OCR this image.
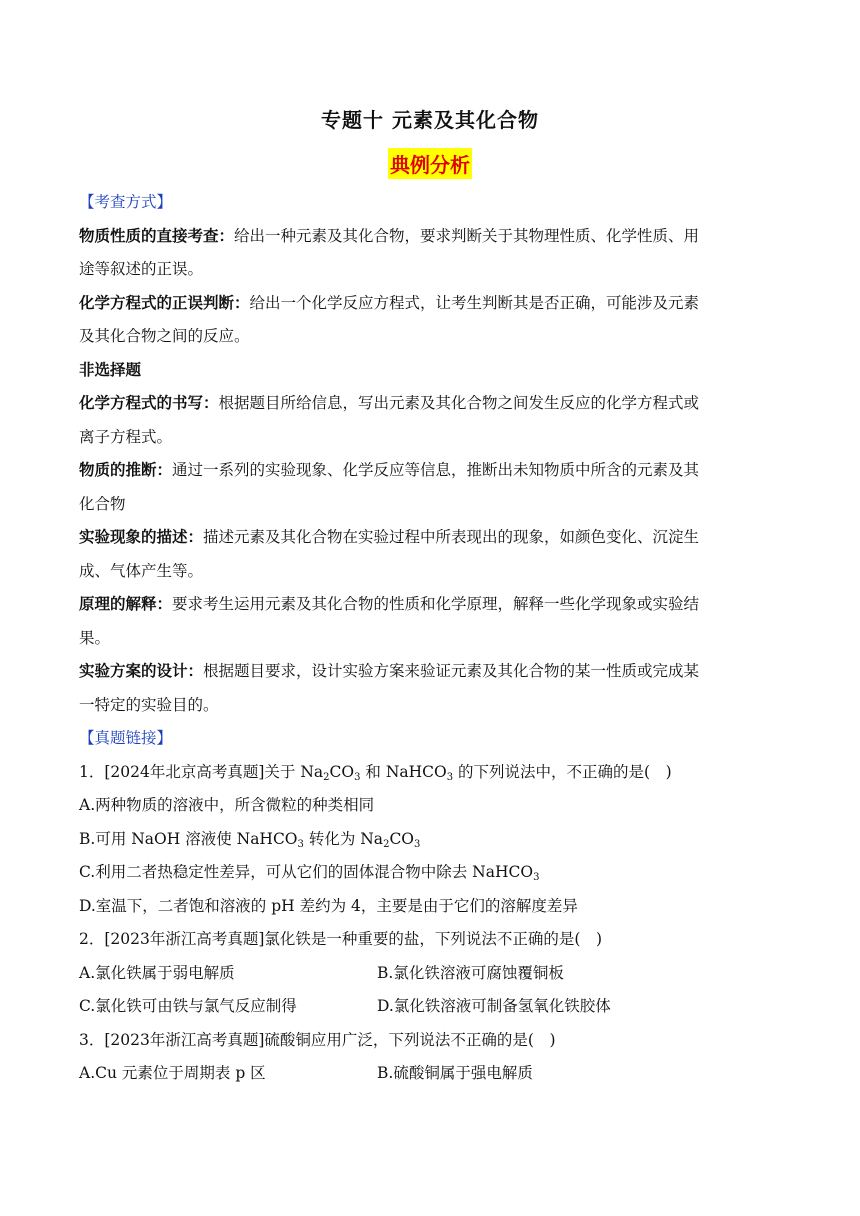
专题十 元素及其化合物
典例分析
【考查方式】
物质性质的直接考查：给出一种元素及其化合物，要求判断关于其物理性质、化学性质、用
途等叙述的正误。
化学方程式的正误判断：给出一个化学反应方程式，让考生判断其是否正确，可能涉及元素
及其化合物之间的反应。
非选择题
化学方程式的书写：根据题目所给信息，写出元素及其化合物之间发生反应的化学方程式或
离子方程式。
物质的推断：通过一系列的实验现象、化学反应等信息，推断出未知物质中所含的元素及其
化合物
实验现象的描述：描述元素及其化合物在实验过程中所表现出的现象，如颜色变化、沉淀生
成、气体产生等。
原理的解释：要求考生运用元素及其化合物的性质和化学原理，解释一些化学现象或实验结
果。
实验方案的设计：根据题目要求，设计实验方案来验证元素及其化合物的某一性质或完成某
一特定的实验目的。
【真题链接】
1．[2024年北京高考真题]关于 $Na_2CO_3$ 和 NaHCO$_3$ 的下列说法中，不正确的是(　)
A.两种物质的溶液中，所含微粒的种类相同
B.可用 NaOH 溶液使 NaHCO$_3$ 转化为 $Na_2CO_3$
C.利用二者热稳定性差异，可从它们的固体混合物中除去 NaHCO$_3$
D.室温下，二者饱和溶液的 pH 差约为 4，主要是由于它们的溶解度差异
2．[2023年浙江高考真题]氯化铁是一种重要的盐，下列说法不正确的是(　)
A.氯化铁属于弱电解质	B.氯化铁溶液可腐蚀覆铜板
C.氯化铁可由铁与氯气反应制得	D.氯化铁溶液可制备氢氧化铁胶体
3．[2023年浙江高考真题]硫酸铜应用广泛，下列说法不正确的是(　)
A.Cu 元素位于周期表 p 区	B.硫酸铜属于强电解质
